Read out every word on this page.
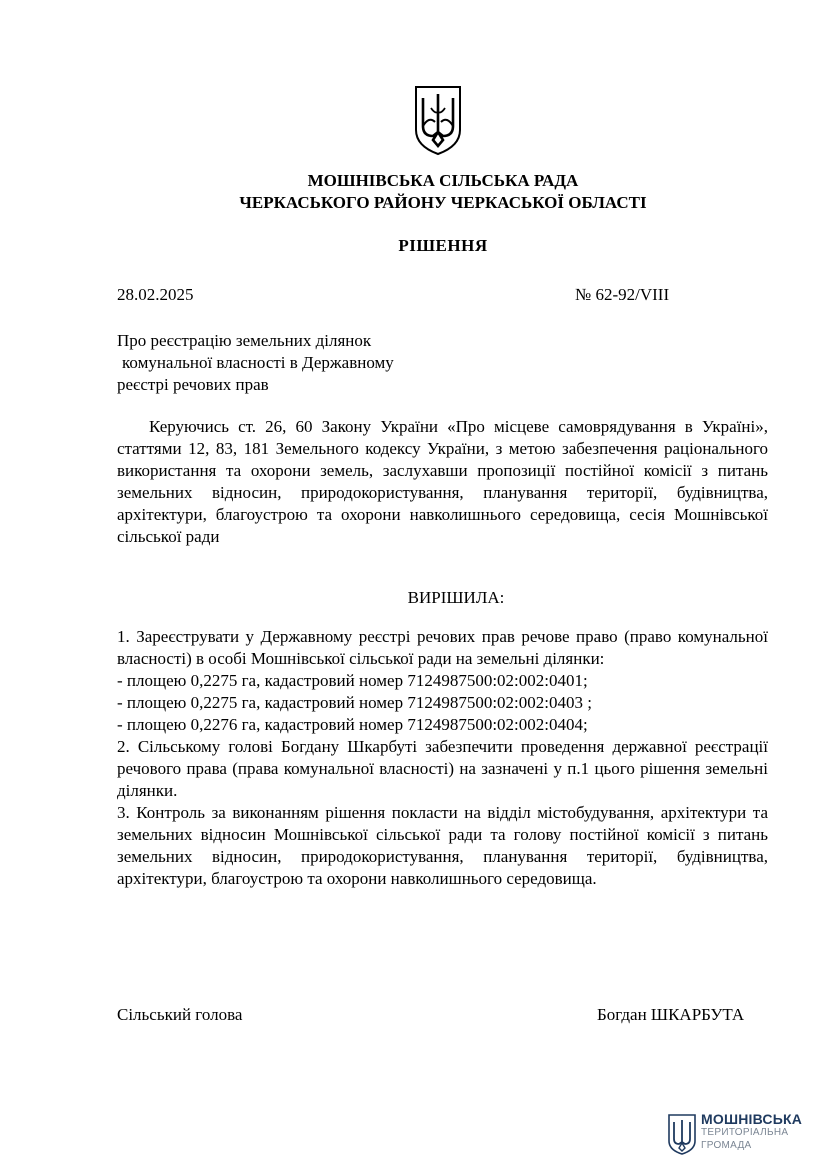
МОШНІВСЬКА СІЛЬСЬКА РАДА
ЧЕРКАСЬКОГО РАЙОНУ ЧЕРКАСЬКОЇ ОБЛАСТІ
РІШЕННЯ
28.02.2025	№ 62-92/VIII
Про реєстрацію земельних ділянок
комунальної власності в Державному
реєстрі речових прав
Керуючись ст. 26, 60 Закону України «Про місцеве самоврядування в Україні», статтями 12, 83, 181 Земельного кодексу України, з метою забезпечення раціонального використання та охорони земель, заслухавши пропозиції постійної комісії з питань земельних відносин, природокористування, планування території, будівництва, архітектури, благоустрою та охорони навколишнього середовища, сесія Мошнівської сільської ради
ВИРІШИЛА:

1. Зареєструвати у Державному реєстрі речових прав речове право (право комунальної власності) в особі Мошнівської сільської ради на земельні ділянки:

- площею 0,2275 га, кадастровий номер 7124987500:02:002:0401;

- площею 0,2275 га, кадастровий номер 7124987500:02:002:0403 ;

- площею 0,2276 га, кадастровий номер 7124987500:02:002:0404;

2. Сільському голові Богдану Шкарбуті забезпечити проведення державної реєстрації речового права (права комунальної власності) на зазначені у п.1 цього рішення земельні ділянки.

3. Контроль за виконанням рішення покласти на відділ містобудування, архітектури та земельних відносин Мошнівської сільської ради та голову постійної комісії з питань земельних відносин, природокористування, планування території, будівництва, архітектури, благоустрою та охорони навколишнього середовища.

Сільський голова	Богдан ШКАРБУТА
МОШНІВСЬКА
ТЕРИТОРІАЛЬНА
ГРОМАДА
